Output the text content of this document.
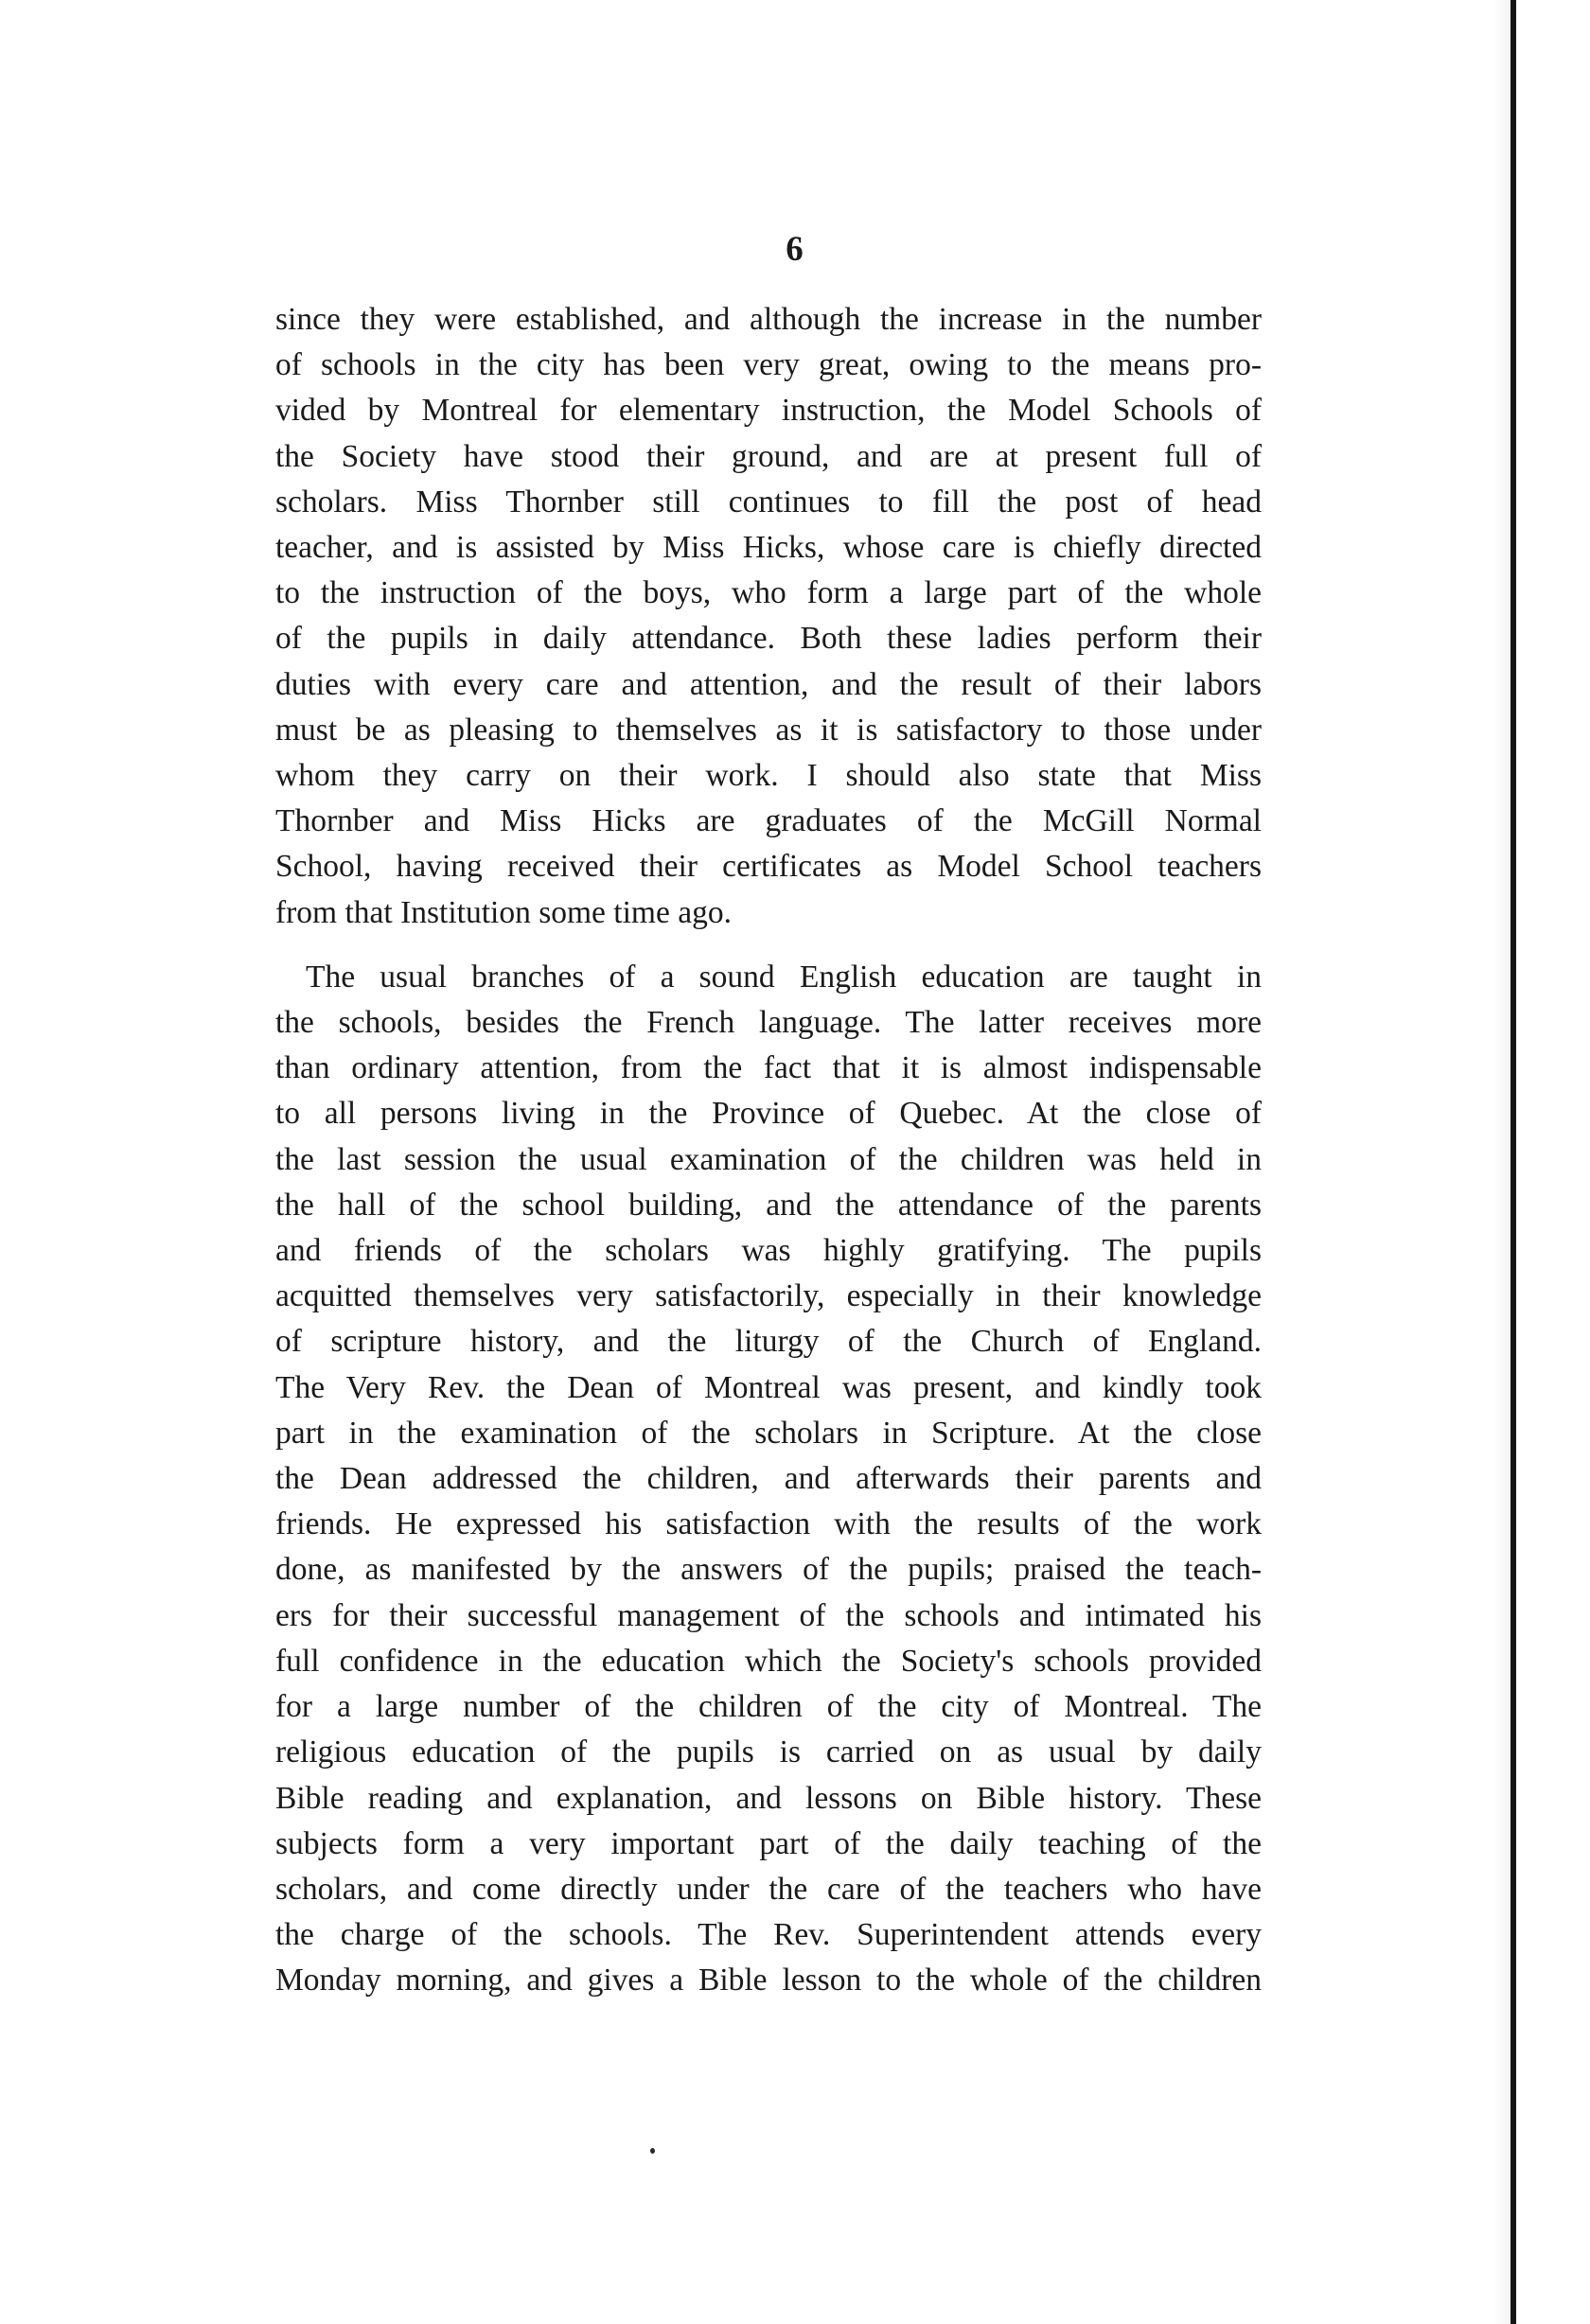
6

since they were established, and although the increase in the number
of schools in the city has been very great, owing to the means pro-
vided by Montreal for elementary instruction, the Model Schools of
the Society have stood their ground, and are at present full of
scholars. Miss Thornber still continues to fill the post of head
teacher, and is assisted by Miss Hicks, whose care is chiefly directed
to the instruction of the boys, who form a large part of the whole
of the pupils in daily attendance. Both these ladies perform their
duties with every care and attention, and the result of their labors
must be as pleasing to themselves as it is satisfactory to those under
whom they carry on their work. I should also state that Miss
Thornber and Miss Hicks are graduates of the McGill Normal
School, having received their certificates as Model School teachers
from that Institution some time ago.

The usual branches of a sound English education are taught in
the schools, besides the French language. The latter receives more
than ordinary attention, from the fact that it is almost indispensable
to all persons living in the Province of Quebec. At the close of
the last session the usual examination of the children was held in
the hall of the school building, and the attendance of the parents
and friends of the scholars was highly gratifying. The pupils
acquitted themselves very satisfactorily, especially in their knowledge
of scripture history, and the liturgy of the Church of England.
The Very Rev. the Dean of Montreal was present, and kindly took
part in the examination of the scholars in Scripture. At the close
the Dean addressed the children, and afterwards their parents and
friends. He expressed his satisfaction with the results of the work
done, as manifested by the answers of the pupils; praised the teach-
ers for their successful management of the schools and intimated his
full confidence in the education which the Society's schools provided
for a large number of the children of the city of Montreal. The
religious education of the pupils is carried on as usual by daily
Bible reading and explanation, and lessons on Bible history. These
subjects form a very important part of the daily teaching of the
scholars, and come directly under the care of the teachers who have
the charge of the schools. The Rev. Superintendent attends every
Monday morning, and gives a Bible lesson to the whole of the children
